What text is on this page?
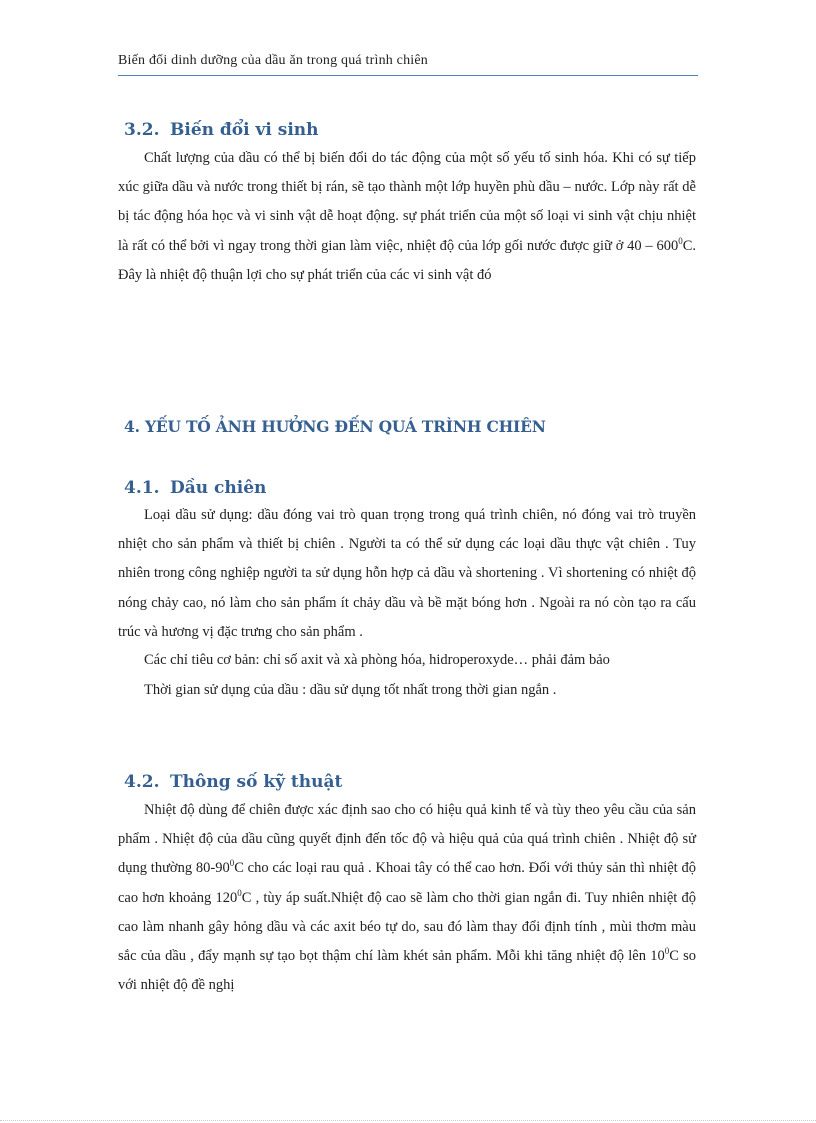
Biến đổi dinh dưỡng của dầu ăn trong quá trình chiên
3.2. Biến đổi vi sinh
Chất lượng của dầu có thể bị biến đổi do tác động của một số yếu tố sinh hóa. Khi có sự tiếp xúc giữa dầu và nước trong thiết bị rán, sẽ tạo thành một lớp huyền phù dầu – nước. Lớp này rất dễ bị tác động hóa học và vi sinh vật dễ hoạt động. sự phát triển của một số loại vi sinh vật chịu nhiệt là rất có thể bởi vì ngay trong thời gian làm việc, nhiệt độ của lớp gối nước được giữ ở $40 - 600^0C$. Đây là nhiệt độ thuận lợi cho sự phát triển của các vi sinh vật đó
4. YẾU TỐ ẢNH HƯỞNG ĐẾN QUÁ TRÌNH CHIÊN
4.1. Dầu chiên
Loại dầu sử dụng: dầu đóng vai trò quan trọng trong quá trình chiên, nó đóng vai trò truyền nhiệt cho sản phẩm và thiết bị chiên . Người ta có thể sử dụng các loại dầu thực vật chiên . Tuy nhiên trong công nghiệp người ta sử dụng hỗn hợp cả dầu và shortening . Vì shortening có nhiệt độ nóng chảy cao, nó làm cho sản phẩm ít chảy dầu và bề mặt bóng hơn . Ngoài ra nó còn tạo ra cấu trúc và hương vị đặc trưng cho sản phẩm .
Các chỉ tiêu cơ bản: chỉ số axit và xà phòng hóa, hidroperoxyde… phải đảm bảo
Thời gian sử dụng của dầu : dầu sử dụng tốt nhất trong thời gian ngắn .
4.2. Thông số kỹ thuật
Nhiệt độ dùng để chiên được xác định sao cho có hiệu quả kinh tế và tùy theo yêu cầu của sản phẩm . Nhiệt độ của dầu cũng quyết định đến tốc độ và hiệu quả của quá trình chiên . Nhiệt độ sử dụng thường $80-90^0C$ cho các loại rau quả . Khoai tây có thể cao hơn. Đối với thủy sản thì nhiệt độ cao hơn khoảng $120^0C$ , tùy áp suất.Nhiệt độ cao sẽ làm cho thời gian ngắn đi. Tuy nhiên nhiệt độ cao làm nhanh gây hỏng dầu và các axit béo tự do, sau đó làm thay đổi định tính , mùi thơm màu sắc của dầu , đẩy mạnh sự tạo bọt thậm chí làm khét sản phẩm. Mỗi khi tăng nhiệt độ lên $10^0C$ so với nhiệt độ đề nghị
